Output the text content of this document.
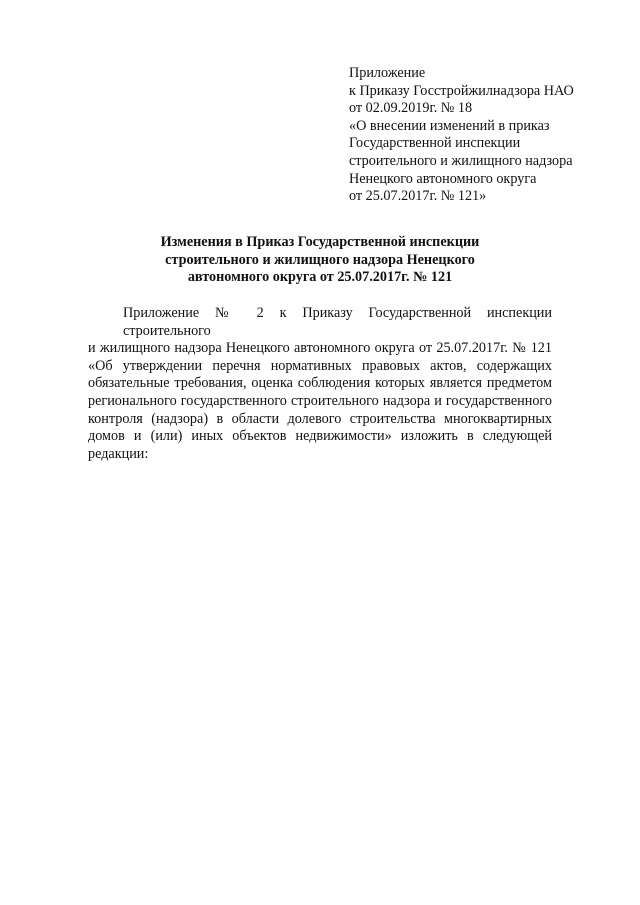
Приложение
к Приказу Госстройжилнадзора НАО
от 02.09.2019г. № 18
«О внесении изменений в приказ
Государственной инспекции
строительного и жилищного надзора
Ненецкого автономного округа
от 25.07.2017г. № 121»
Изменения в Приказ Государственной инспекции
строительного и жилищного надзора Ненецкого
автономного округа от 25.07.2017г. № 121
Приложение № 2 к Приказу Государственной инспекции строительного
и жилищного надзора Ненецкого автономного округа от 25.07.2017г. № 121
«Об утверждении перечня нормативных правовых актов, содержащих
обязательные требования, оценка соблюдения которых является предметом
регионального государственного строительного надзора и государственного
контроля (надзора) в области долевого строительства многоквартирных
домов и (или) иных объектов недвижимости» изложить в следующей
редакции:
